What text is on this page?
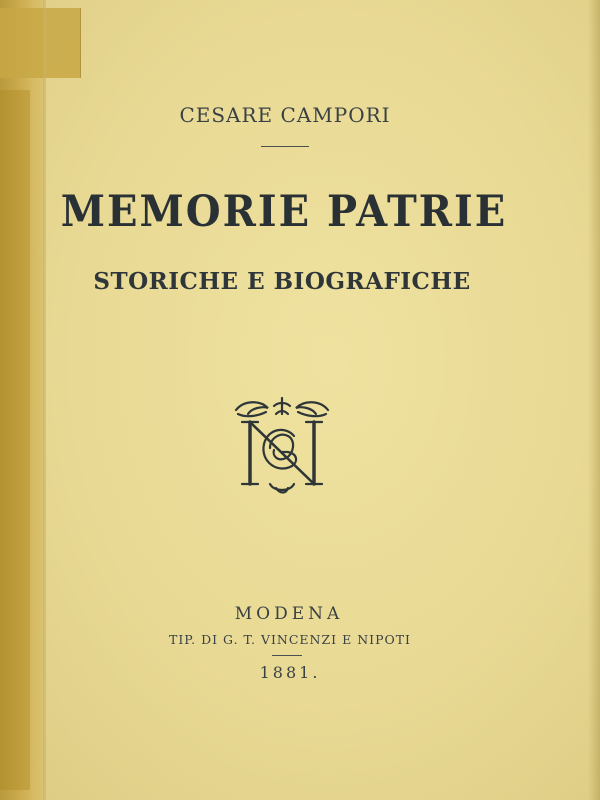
CESARE CAMPORI
MEMORIE PATRIE
STORICHE E BIOGRAFICHE
MODENA
TIP. DI G. T. VINCENZI E NIPOTI
1881.
